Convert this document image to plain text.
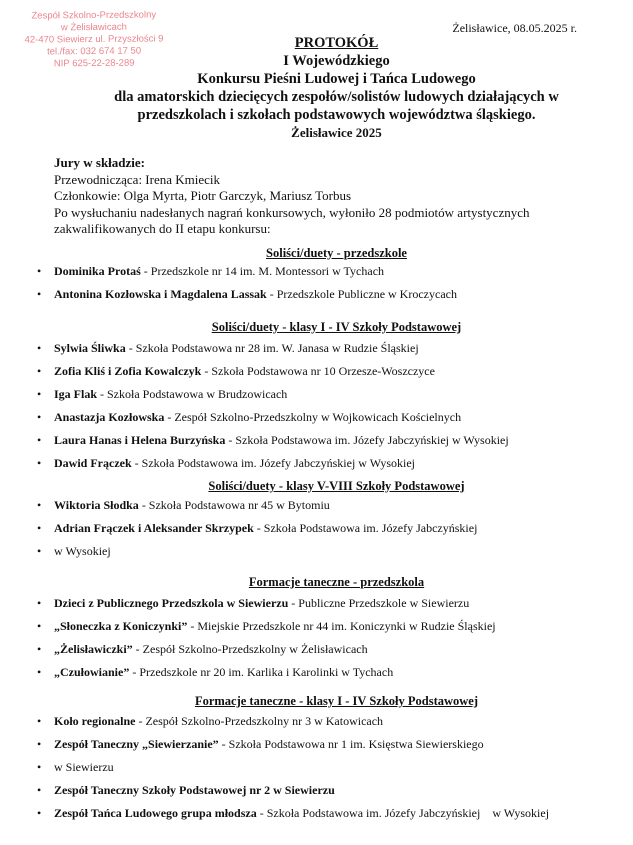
Zespół Szkolno-Przedszkolny
w Żelisławicach
42-470 Siewierz ul. Przyszłości 9
tel./fax: 032 674 17 50
NIP 625-22-28-289
Żelisławice, 08.05.2025 r.
PROTOKÓŁ
I Wojewódzkiego
Konkursu Pieśni Ludowej i Tańca Ludowego
dla amatorskich dziecięcych zespołów/solistów ludowych działających w
przedszkolach i szkołach podstawowych województwa śląskiego.
Żelisławice 2025
Jury w składzie:
Przewodnicząca: Irena Kmiecik
Członkowie: Olga Myrta, Piotr Garczyk, Mariusz Torbus
Po wysłuchaniu nadesłanych nagrań konkursowych, wyłoniło 28 podmiotów artystycznych
zakwalifikowanych do II etapu konkursu:
Soliści/duety - przedszkole
• Dominika Protaś - Przedszkole nr 14 im. M. Montessori w Tychach
• Antonina Kozłowska i Magdalena Lassak - Przedszkole Publiczne w Kroczycach
Soliści/duety - klasy I - IV Szkoły Podstawowej
• Sylwia Śliwka - Szkoła Podstawowa nr 28 im. W. Janasa w Rudzie Śląskiej
• Zofia Kliś i Zofia Kowalczyk - Szkoła Podstawowa nr 10 Orzesze-Woszczyce
• Iga Flak - Szkoła Podstawowa w Brudzowicach
• Anastazja Kozłowska - Zespół Szkolno-Przedszkolny w Wojkowicach Kościelnych
• Laura Hanas i Helena Burzyńska - Szkoła Podstawowa im. Józefy Jabczyńskiej w Wysokiej
• Dawid Frączek - Szkoła Podstawowa im. Józefy Jabczyńskiej w Wysokiej
Soliści/duety - klasy V-VIII Szkoły Podstawowej
• Wiktoria Słodka - Szkoła Podstawowa nr 45 w Bytomiu
• Adrian Frączek i Aleksander Skrzypek - Szkoła Podstawowa im. Józefy Jabczyńskiej
• w Wysokiej
Formacje taneczne - przedszkola
• Dzieci z Publicznego Przedszkola w Siewierzu - Publiczne Przedszkole w Siewierzu
• „Słoneczka z Koniczynki” - Miejskie Przedszkole nr 44 im. Koniczynki w Rudzie Śląskiej
• „Żelisławiczki” - Zespół Szkolno-Przedszkolny w Żelisławicach
• „Czułowianie” - Przedszkole nr 20 im. Karlika i Karolinki w Tychach
Formacje taneczne - klasy I - IV Szkoły Podstawowej
• Koło regionalne - Zespół Szkolno-Przedszkolny nr 3 w Katowicach
• Zespół Taneczny „Siewierzanie” - Szkoła Podstawowa nr 1 im. Księstwa Siewierskiego
• w Siewierzu
• Zespół Taneczny Szkoły Podstawowej nr 2 w Siewierzu
• Zespół Tańca Ludowego grupa młodsza - Szkoła Podstawowa im. Józefy Jabczyńskiej    w Wysokiej
